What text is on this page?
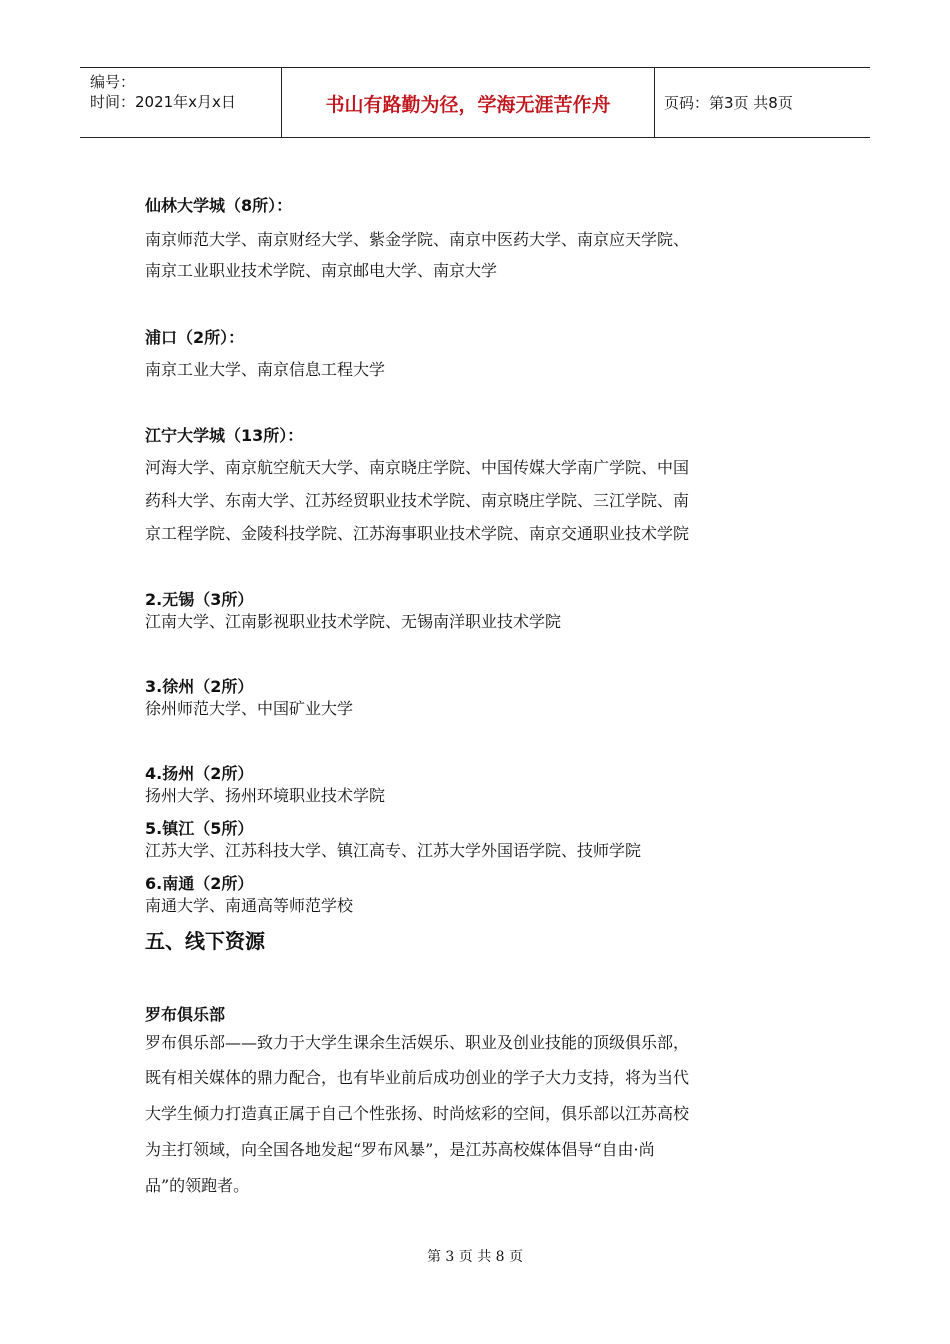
编号：
时间：2021年x月x日	书山有路勤为径，学海无涯苦作舟	页码：第3页 共8页
仙林大学城（8所）：
南京师范大学、南京财经大学、紫金学院、南京中医药大学、南京应天学院、
南京工业职业技术学院、南京邮电大学、南京大学
浦口（2所）：
南京工业大学、南京信息工程大学
江宁大学城（13所）：
河海大学、南京航空航天大学、南京晓庄学院、中国传媒大学南广学院、中国
药科大学、东南大学、江苏经贸职业技术学院、南京晓庄学院、三江学院、南
京工程学院、金陵科技学院、江苏海事职业技术学院、南京交通职业技术学院
2.无锡（3所）
江南大学、江南影视职业技术学院、无锡南洋职业技术学院
3.徐州（2所）
徐州师范大学、中国矿业大学
4.扬州（2所）
扬州大学、扬州环境职业技术学院
5.镇江（5所）
江苏大学、江苏科技大学、镇江高专、江苏大学外国语学院、技师学院
6.南通（2所）
南通大学、南通高等师范学校
五、线下资源
罗布俱乐部
罗布俱乐部——致力于大学生课余生活娱乐、职业及创业技能的顶级俱乐部，
既有相关媒体的鼎力配合，也有毕业前后成功创业的学子大力支持，将为当代
大学生倾力打造真正属于自己个性张扬、时尚炫彩的空间，俱乐部以江苏高校
为主打领域，向全国各地发起“罗布风暴”，是江苏高校媒体倡导“自由·尚
品”的领跑者。
第 3 页 共 8 页
